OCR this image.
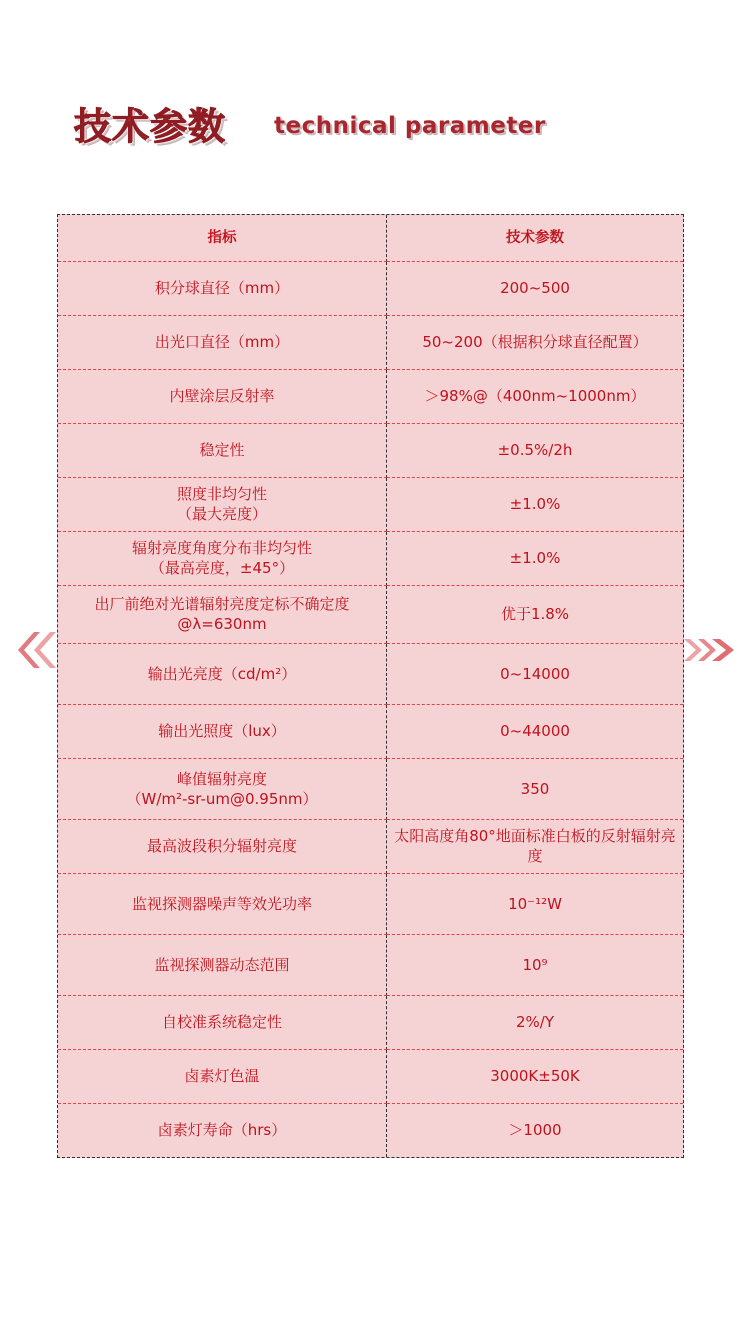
技术参数 technical parameter
指标	技术参数
积分球直径（mm）	200~500
出光口直径（mm）	50~200（根据积分球直径配置）
内壁涂层反射率	＞98%@（400nm~1000nm）
稳定性	±0.5%/2h
照度非均匀性
（最大亮度）	±1.0%
辐射亮度角度分布非均匀性
（最高亮度，±45°）	±1.0%
出厂前绝对光谱辐射亮度定标不确定度
@λ=630nm	优于1.8%
输出光亮度（cd/m²）	0~14000
输出光照度（lux）	0~44000
峰值辐射亮度
（W/m²-sr-um@0.95nm）	350
最高波段积分辐射亮度	太阳高度角80°地面标准白板的反射辐射亮度
监视探测器噪声等效光功率	10⁻¹²W
监视探测器动态范围	10⁹
自校准系统稳定性	2%/Y
卤素灯色温	3000K±50K
卤素灯寿命（hrs）	＞1000
